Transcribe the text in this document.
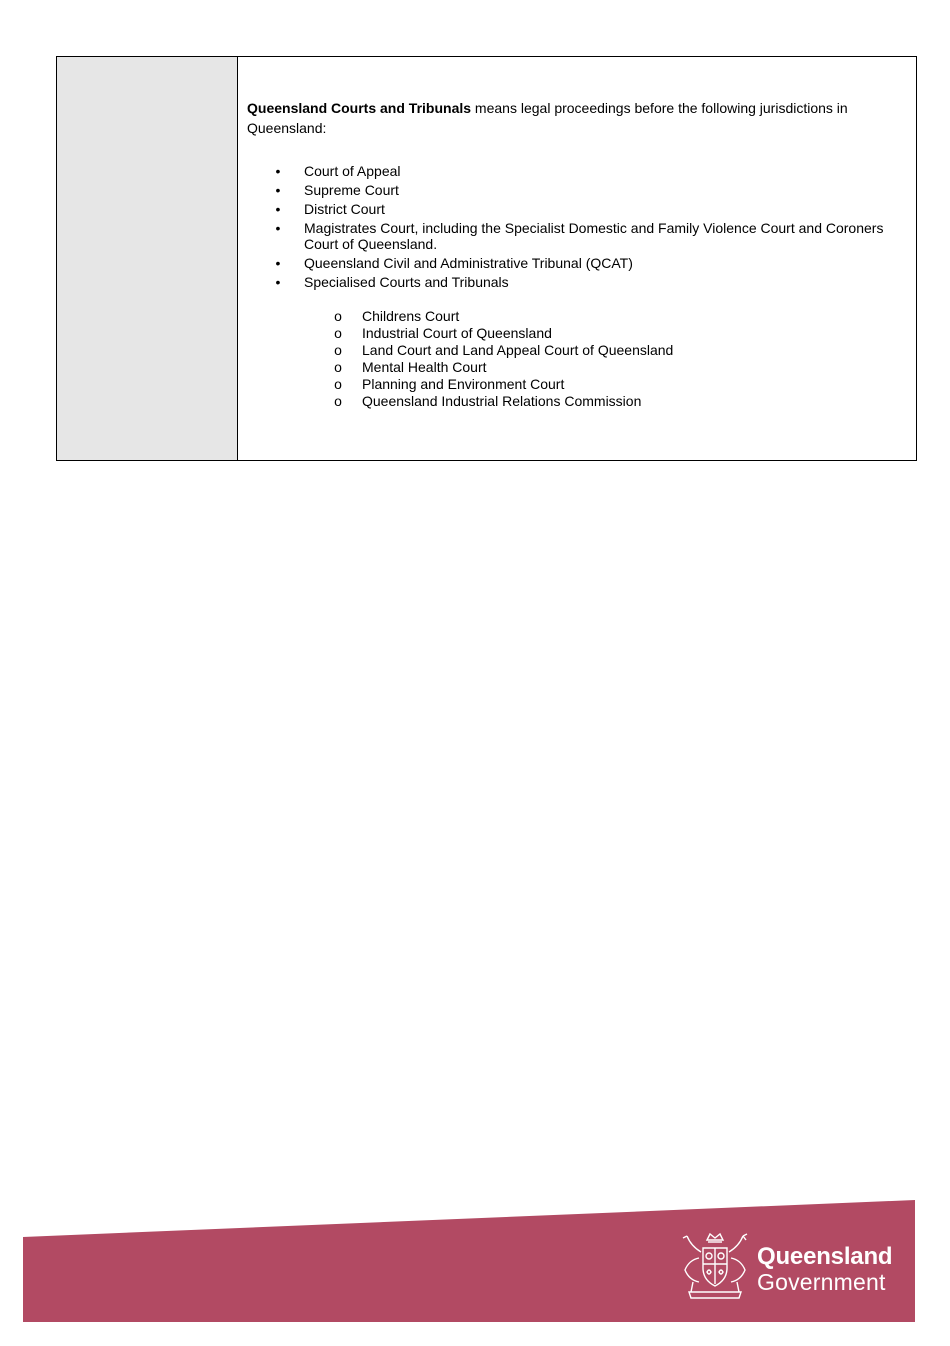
Queensland Courts and Tribunals means legal proceedings before the following jurisdictions in Queensland:

• Court of Appeal
• Supreme Court
• District Court
• Magistrates Court, including the Specialist Domestic and Family Violence Court and Coroners Court of Queensland.
• Queensland Civil and Administrative Tribunal (QCAT)
• Specialised Courts and Tribunals
o Childrens Court
o Industrial Court of Queensland
o Land Court and Land Appeal Court of Queensland
o Mental Health Court
o Planning and Environment Court
o Queensland Industrial Relations Commission
Queensland
Government
